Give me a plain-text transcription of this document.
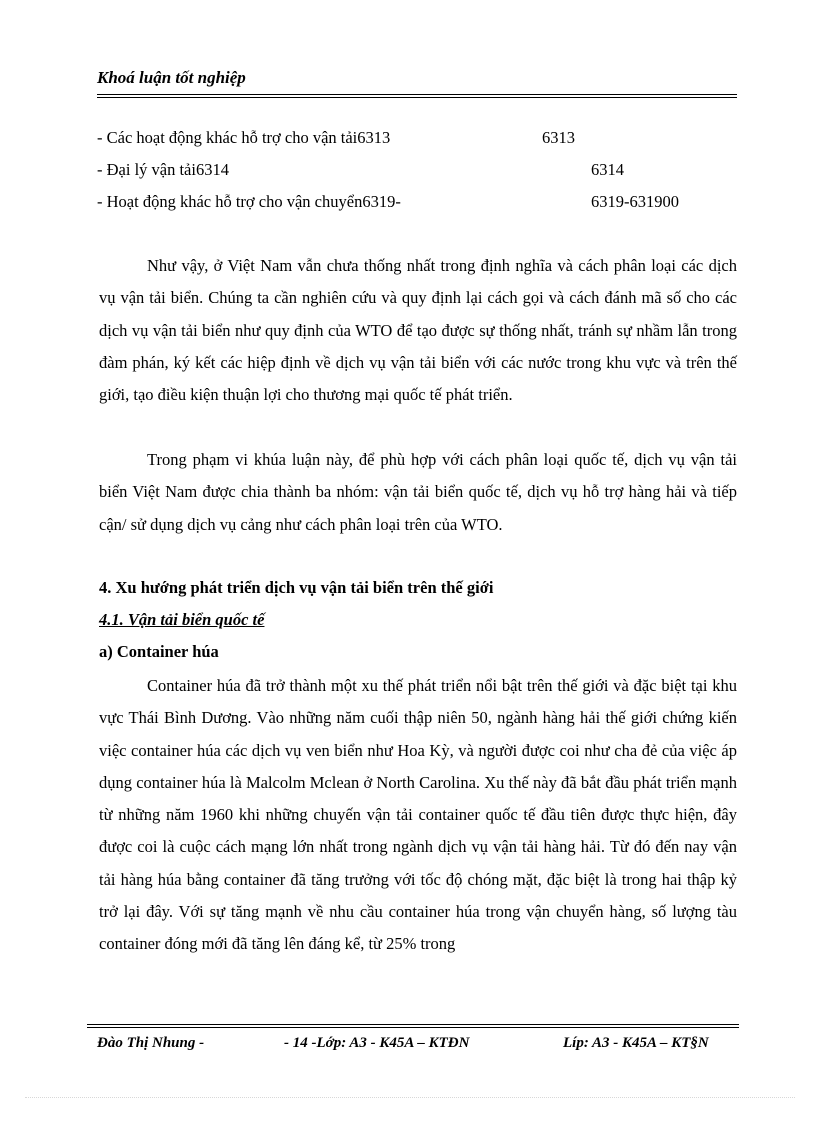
Khoá luận tốt nghiệp
- Các hoạt động khác hỗ trợ cho vận tải6313	6313
- Đại lý vận tải6314	6314
- Hoạt động khác hỗ trợ cho vận chuyển6319-	6319-631900

Như vậy, ở Việt Nam vẫn chưa thống nhất trong định nghĩa và cách phân loại các dịch vụ vận tải biển. Chúng ta cần nghiên cứu và quy định lại cách gọi và cách đánh mã số cho các dịch vụ vận tải biển như quy định của WTO để tạo được sự thống nhất, tránh sự nhầm lẫn trong đàm phán, ký kết các hiệp định về dịch vụ vận tải biển với các nước trong khu vực và trên thế giới, tạo điều kiện thuận lợi cho thương mại quốc tế phát triển.

Trong phạm vi khúa luận này, để phù hợp với cách phân loại quốc tế, dịch vụ vận tải biển Việt Nam được chia thành ba nhóm: vận tải biển quốc tế, dịch vụ hỗ trợ hàng hải và tiếp cận/ sử dụng dịch vụ cảng như cách phân loại trên của WTO.

4. Xu hướng phát triển dịch vụ vận tải biển trên thế giới
4.1. Vận tải biển quốc tế
a) Container húa

Container húa đã trở thành một xu thế phát triển nổi bật trên thế giới và đặc biệt tại khu vực Thái Bình Dương. Vào những năm cuối thập niên 50, ngành hàng hải thế giới chứng kiến việc container húa các dịch vụ ven biển như Hoa Kỳ, và người được coi như cha đẻ của việc áp dụng container húa là Malcolm Mclean ở North Carolina. Xu thế này đã bắt đầu phát triển mạnh từ những năm 1960 khi những chuyến vận tải container quốc tế đầu tiên được thực hiện, đây được coi là cuộc cách mạng lớn nhất trong ngành dịch vụ vận tải hàng hải. Từ đó đến nay vận tải hàng húa bằng container đã tăng trưởng với tốc độ chóng mặt, đặc biệt là trong hai thập kỷ trở lại đây. Với sự tăng mạnh về nhu cầu container húa trong vận chuyển hàng, số lượng tàu container đóng mới đã tăng lên đáng kể, từ 25% trong

Đào Thị Nhung -	- 14 -Lớp: A3 - K45A – KTĐN	Líp: A3 - K45A – KT§N
